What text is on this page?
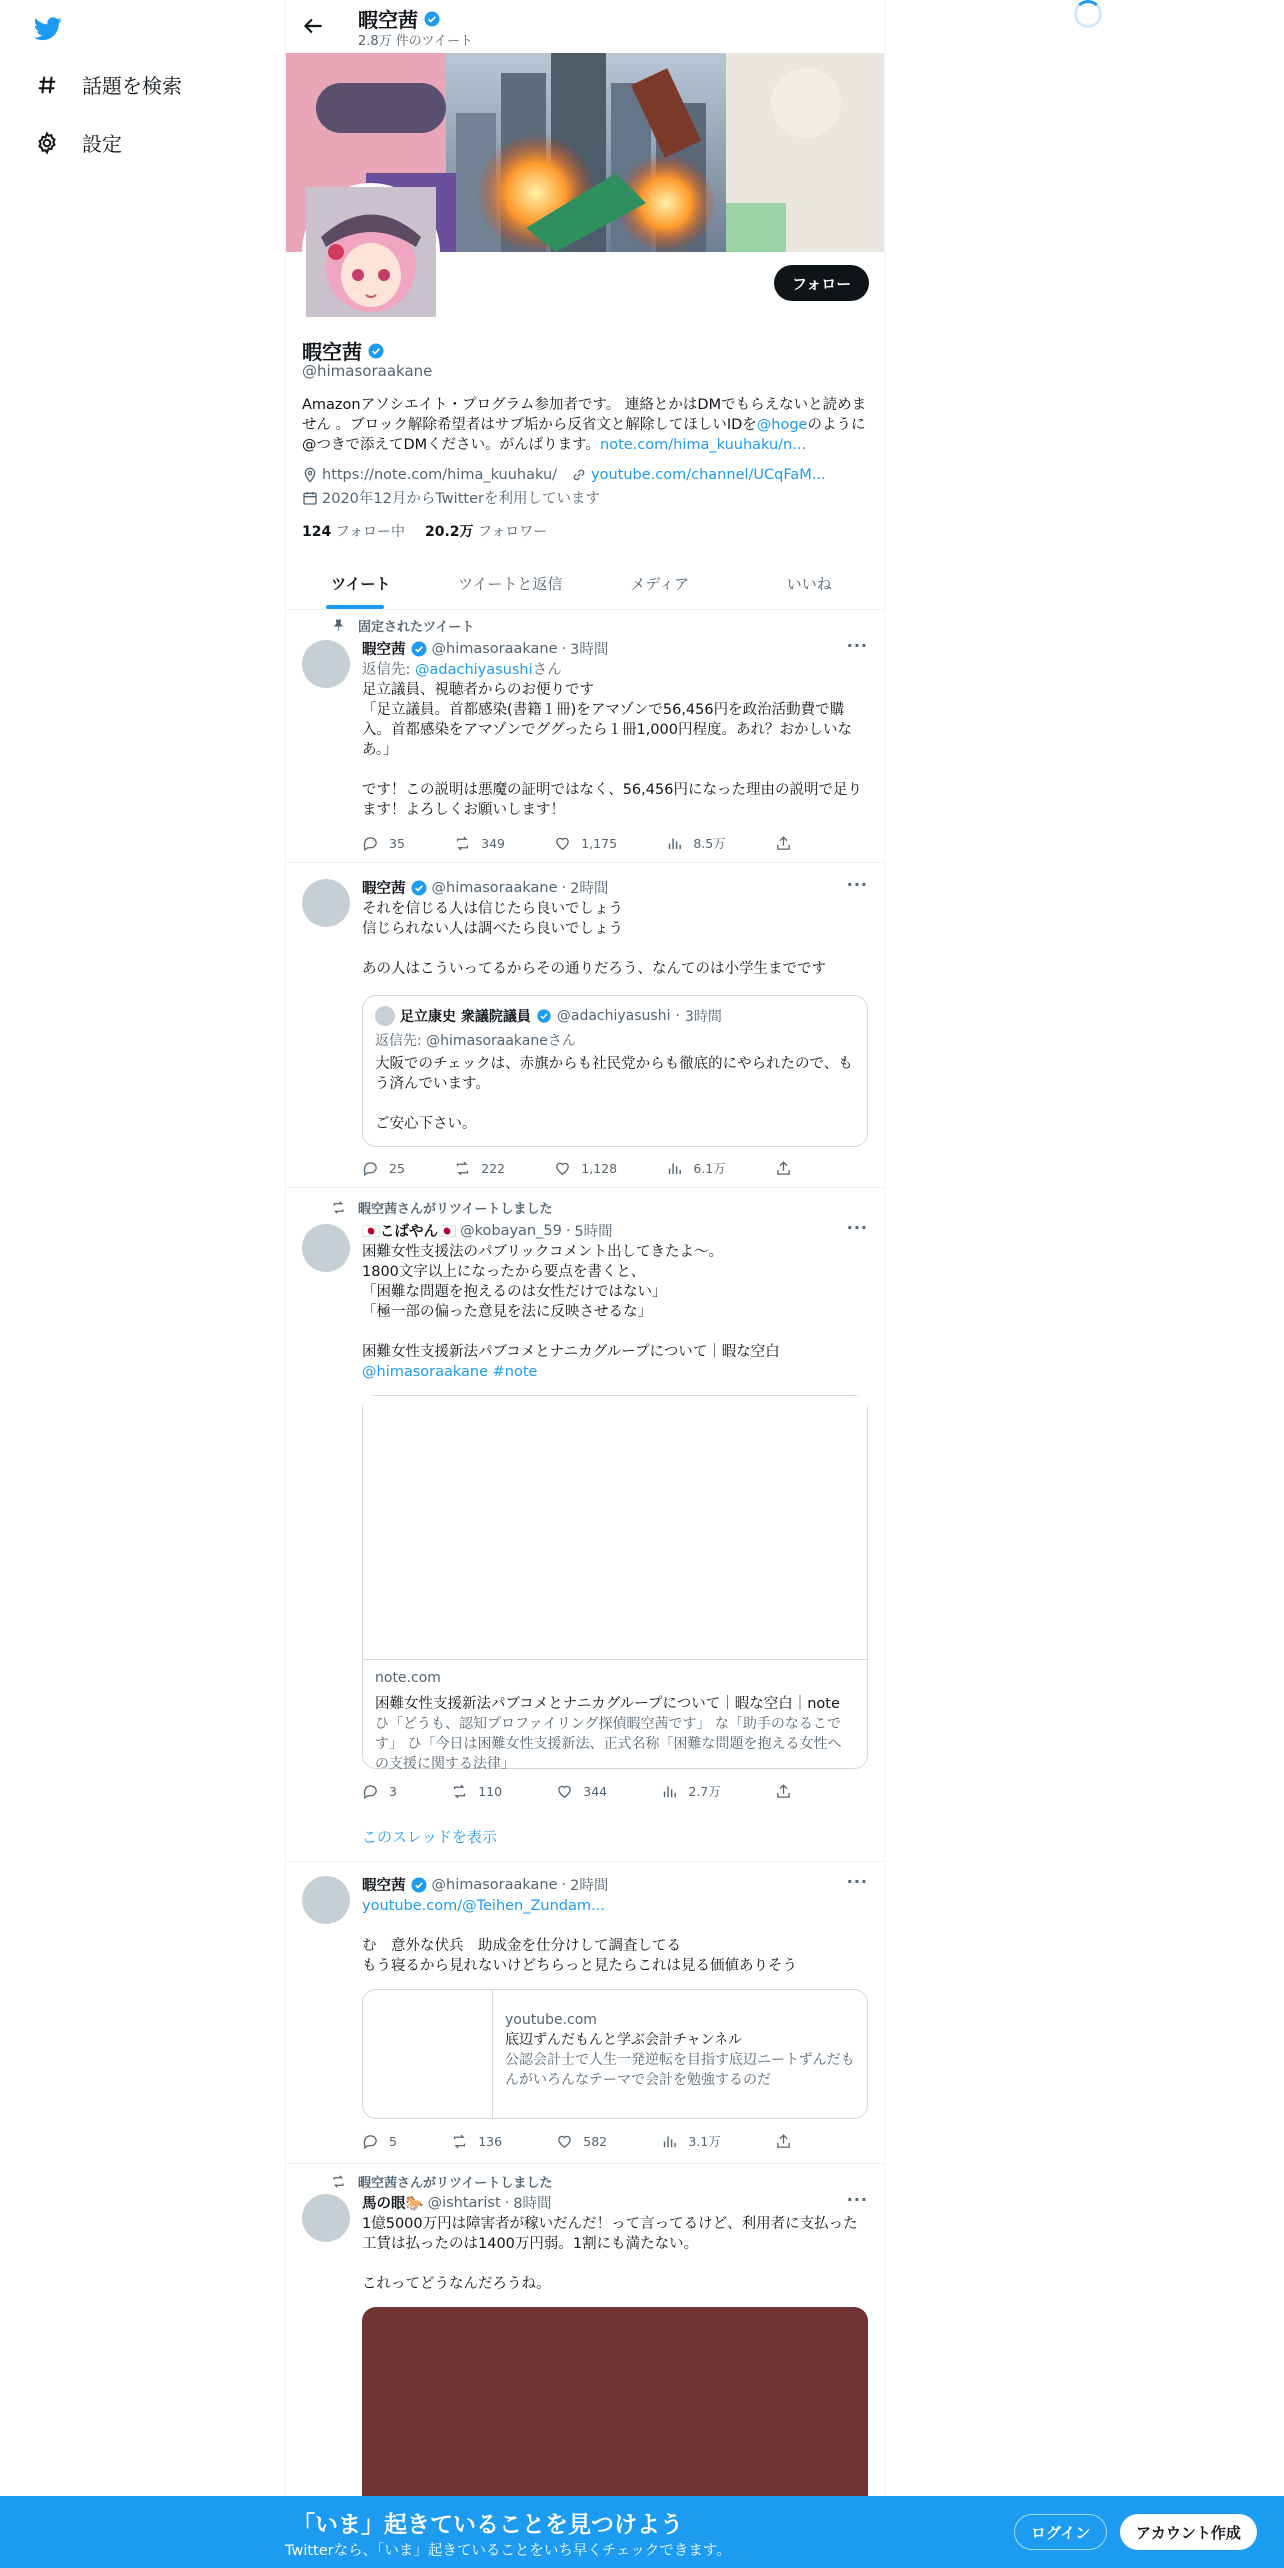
話題を検索
設定
暇空茜
2.8万 件のツイート
フォロー
暇空茜
@himasoraakane
Amazonアソシエイト・プログラム参加者です。 連絡とかはDMでもらえないと読めません 。ブロック解除希望者はサブ垢から反省文と解除してほしいIDを@hogeのように@つきで添えてDMください。がんばります。note.com/hima_kuuhaku/n...
https://note.com/hima_kuuhaku/ youtube.com/channel/UCqFaM...
2020年12月からTwitterを利用しています
124 フォロー中 20.2万 フォロワー
ツイート	ツイートと返信	メディア	いいね
固定されたツイート
暇空茜 @himasoraakane · 3時間	···
返信先: @adachiyasushiさん
足立議員、視聴者からのお便りです
「足立議員。首都感染(書籍１冊)をアマゾンで56,456円を政治活動費で購入。首都感染をアマゾンでググったら１冊1,000円程度。あれ？おかしいなあ。」

です！この説明は悪魔の証明ではなく、56,456円になった理由の説明で足ります！よろしくお願いします！
35	349	1,175	8.5万
暇空茜 @himasoraakane · 2時間	···
それを信じる人は信じたら良いでしょう
信じられない人は調べたら良いでしょう

あの人はこういってるからその通りだろう、なんてのは小学生までです
足立康史 衆議院議員 @adachiyasushi · 3時間
返信先: @himasoraakaneさん
大阪でのチェックは、赤旗からも社民党からも徹底的にやられたので、もう済んでいます。

ご安心下さい。
25	222	1,128	6.1万
暇空茜さんがリツイートしました
🇯🇵こばやん🇯🇵 @kobayan_59 · 5時間	···
困難女性支援法のパブリックコメント出してきたよ〜。
1800文字以上になったから要点を書くと、
「困難な問題を抱えるのは女性だけではない」
「極一部の偏った意見を法に反映させるな」

困難女性支援新法パブコメとナニカグループについて｜暇な空白
@himasoraakane #note
note.com
困難女性支援新法パブコメとナニカグループについて｜暇な空白｜note
ひ「どうも、認知プロファイリング探偵暇空茜です」 な「助手のなるこです」 ひ「今日は困難女性支援新法、正式名称「困難な問題を抱える女性への支援に関する法律」
3	110	344	2.7万
このスレッドを表示
暇空茜 @himasoraakane · 2時間	···
youtube.com/@Teihen_Zundam...
む　意外な伏兵　助成金を仕分けして調査してる
もう寝るから見れないけどちらっと見たらこれは見る価値ありそう
youtube.com
底辺ずんだもんと学ぶ会計チャンネル
公認会計士で人生一発逆転を目指す底辺ニートずんだもんがいろんなテーマで会計を勉強するのだ
5	136	582	3.1万
暇空茜さんがリツイートしました
馬の眼🐎 @ishtarist · 8時間	···
1億5000万円は障害者が稼いだんだ！って言ってるけど、利用者に支払った工賃は払ったのは1400万円弱。1割にも満たない。

これってどうなんだろうね。
「いま」起きていることを見つけよう
Twitterなら、「いま」起きていることをいち早くチェックできます。
ログイン	アカウント作成
